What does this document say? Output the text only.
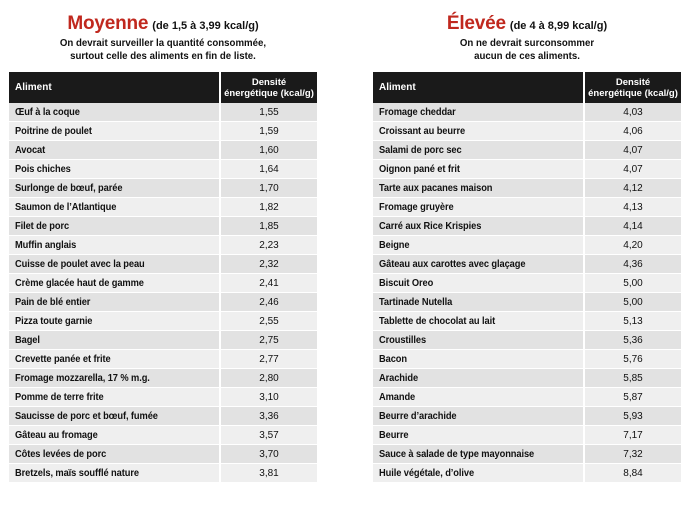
Moyenne (de 1,5 à 3,99 kcal/g)
On devrait surveiller la quantité consommée,
surtout celle des aliments en fin de liste.
Aliment	Densité
énergétique (kcal/g)

Œuf à la coque	1,55
Poitrine de poulet	1,59
Avocat	1,60
Pois chiches	1,64
Surlonge de bœuf, parée	1,70
Saumon de l’Atlantique	1,82
Filet de porc	1,85
Muffin anglais	2,23
Cuisse de poulet avec la peau	2,32
Crème glacée haut de gamme	2,41
Pain de blé entier	2,46
Pizza toute garnie	2,55
Bagel	2,75
Crevette panée et frite	2,77
Fromage mozzarella, 17 % m.g.	2,80
Pomme de terre frite	3,10
Saucisse de porc et bœuf, fumée	3,36
Gâteau au fromage	3,57
Côtes levées de porc	3,70
Bretzels, maïs soufflé nature	3,81
Élevée (de 4 à 8,99 kcal/g)
On ne devrait surconsommer
aucun de ces aliments.
Aliment	Densité
énergétique (kcal/g)

Fromage cheddar	4,03
Croissant au beurre	4,06
Salami de porc sec	4,07
Oignon pané et frit	4,07
Tarte aux pacanes maison	4,12
Fromage gruyère	4,13
Carré aux Rice Krispies	4,14
Beigne	4,20
Gâteau aux carottes avec glaçage	4,36
Biscuit Oreo	5,00
Tartinade Nutella	5,00
Tablette de chocolat au lait	5,13
Croustilles	5,36
Bacon	5,76
Arachide	5,85
Amande	5,87
Beurre d’arachide	5,93
Beurre	7,17
Sauce à salade de type mayonnaise	7,32
Huile végétale, d’olive	8,84
